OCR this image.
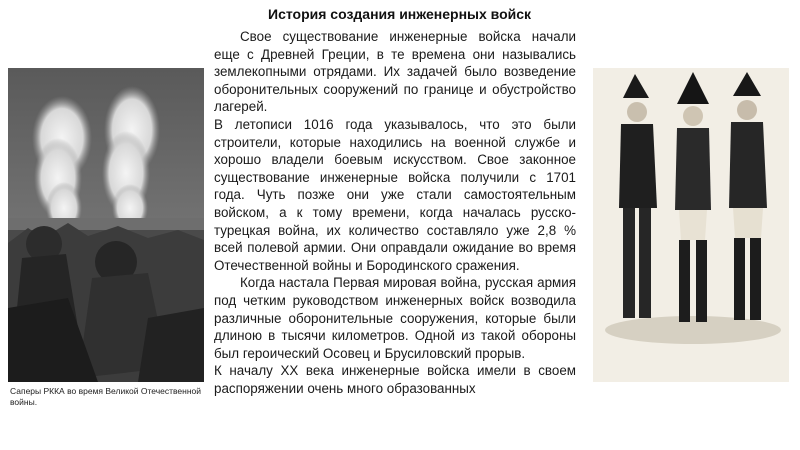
История создания инженерных войск
Саперы РККА во время Великой Отечественной войны.

Свое существование инженерные войска начали еще с Древней Греции, в те времена они назывались землекопными отрядами. Их задачей было возведение оборонительных сооружений по границе и обустройство лагерей.

В летописи 1016 года указывалось, что это были строители, которые находились на военной службе и хорошо владели боевым искусством. Свое законное существование инженерные войска получили с 1701 года. Чуть позже они уже стали самостоятельным войском, а к тому времени, когда началась русско-турецкая война, их количество составляло уже 2,8 % всей полевой армии. Они оправдали ожидание во время Отечественной войны и Бородинского сражения.

Когда настала Первая мировая война, русская армия под четким руководством инженерных войск возводила различные оборонительные сооружения, которые были длиною в тысячи километров. Одной из такой обороны был героический Осовец и Брусиловский прорыв.

К началу XX века инженерные войска имели в своем распоряжении очень много образованных
